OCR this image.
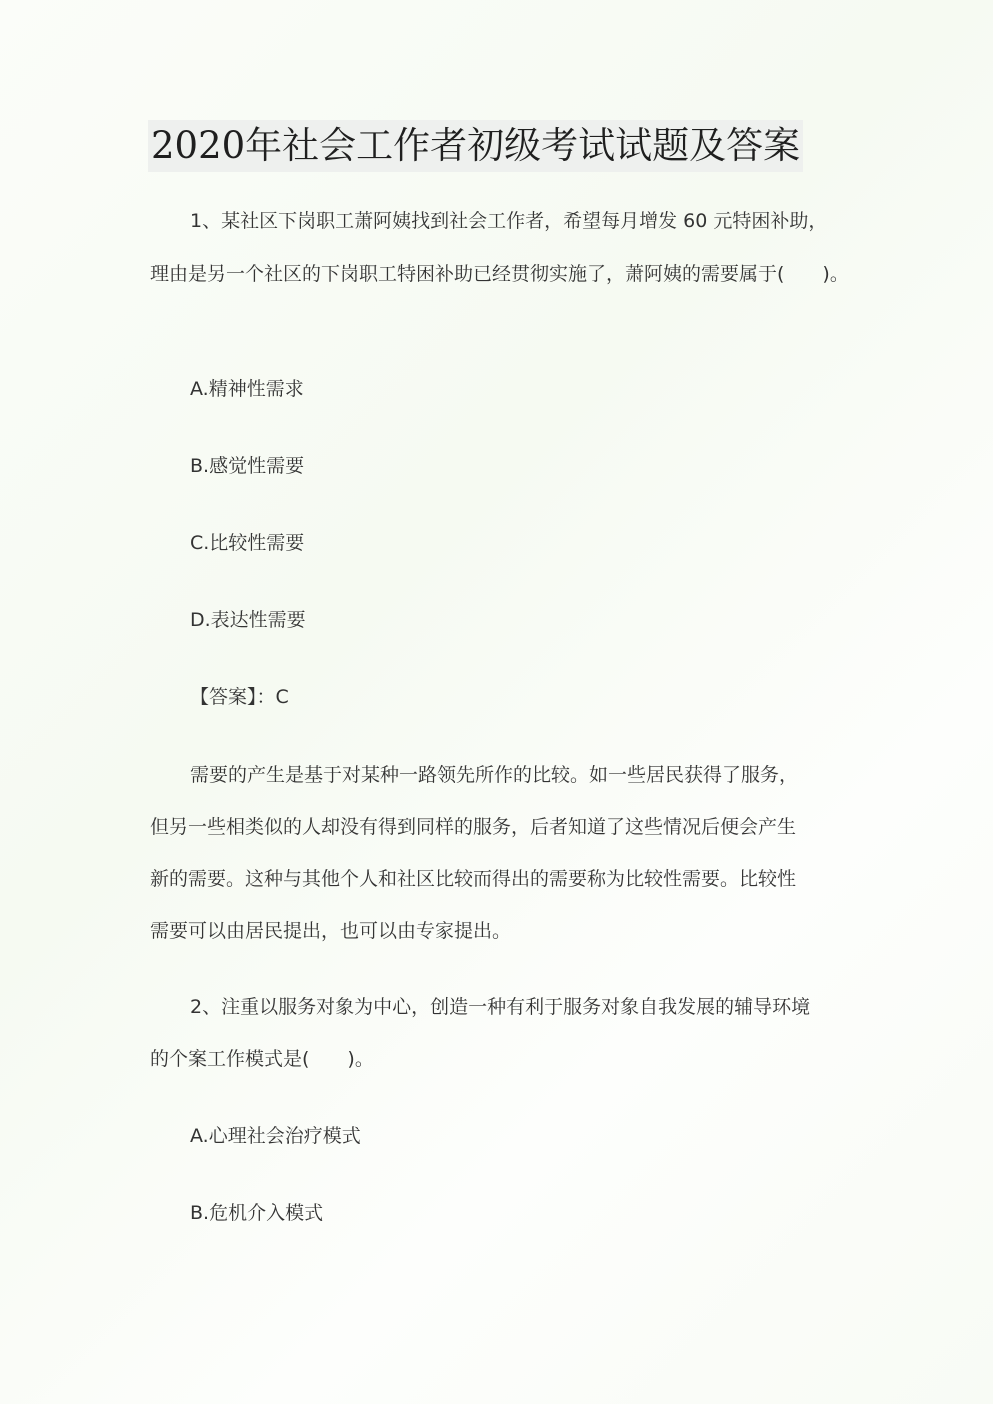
2020年社会工作者初级考试试题及答案
1、某社区下岗职工萧阿姨找到社会工作者，希望每月增发 60 元特困补助，
理由是另一个社区的下岗职工特困补助已经贯彻实施了，萧阿姨的需要属于(　　)。
A.精神性需求
B.感觉性需要
C.比较性需要
D.表达性需要
【答案】：C
需要的产生是基于对某种一路领先所作的比较。如一些居民获得了服务，
但另一些相类似的人却没有得到同样的服务，后者知道了这些情况后便会产生
新的需要。这种与其他个人和社区比较而得出的需要称为比较性需要。比较性
需要可以由居民提出，也可以由专家提出。
2、注重以服务对象为中心，创造一种有利于服务对象自我发展的辅导环境
的个案工作模式是(　　)。
A.心理社会治疗模式
B.危机介入模式
